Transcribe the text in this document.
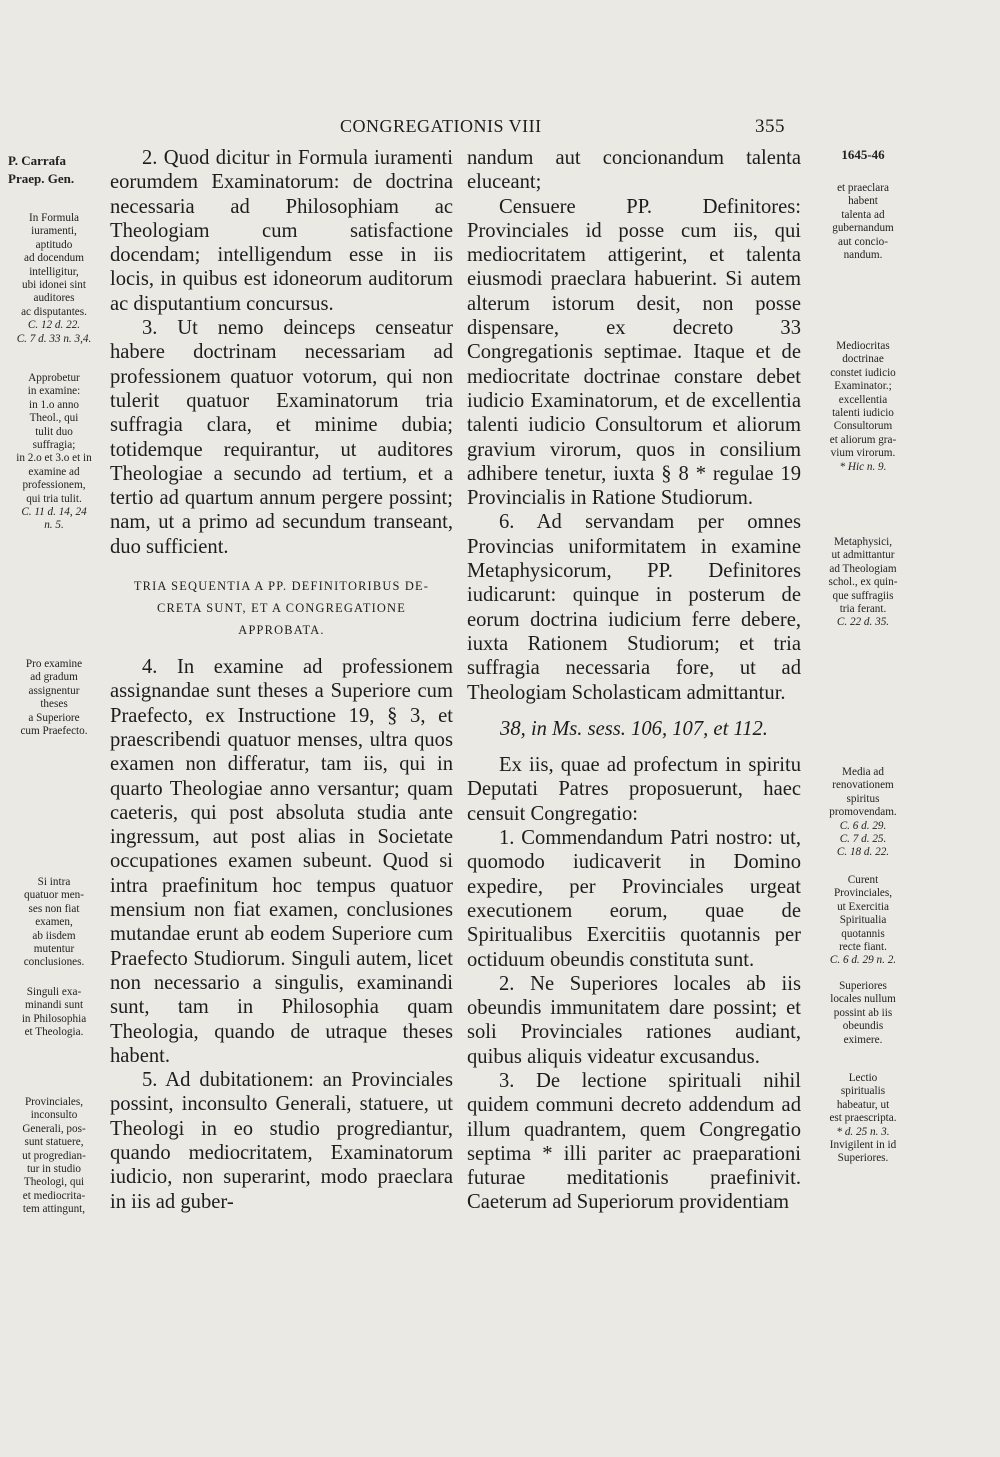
CONGREGATIONIS VIII	355
P. Carrafa
Praep. Gen.
In Formula
iuramenti,
aptitudo
ad docendum
intelligitur,
ubi idonei sint
auditores
ac disputantes.
C. 12 d. 22.
C. 7 d. 33 n. 3,4.
Approbetur
in examine:
in 1.o anno
Theol., qui
tulit duo
suffragia;
in 2.o et 3.o et in
examine ad
professionem,
qui tria tulit.
C. 11 d. 14, 24
n. 5.
Pro examine
ad gradum
assignentur
theses
a Superiore
cum Praefecto.
Si intra
quatuor men-
ses non fiat
examen,
ab iisdem
mutentur
conclusiones.
Singuli exa-
minandi sunt
in Philosophia
et Theologia.
Provinciales,
inconsulto
Generali, pos-
sunt statuere,
ut progredian-
tur in studio
Theologi, qui
et mediocrita-
tem attingunt,
1645-46
et praeclara
habent
talenta ad
gubernandum
aut concio-
nandum.
Mediocritas
doctrinae
constet iudicio
Examinator.;
excellentia
talenti iudicio
Consultorum
et aliorum gra-
vium virorum.
* Hic n. 9.
Metaphysici,
ut admittantur
ad Theologiam
schol., ex quin-
que suffragiis
tria ferant.
C. 22 d. 35.
Media ad
renovationem
spiritus
promovendam.
C. 6 d. 29.
C. 7 d. 25.
C. 18 d. 22.
Curent
Provinciales,
ut Exercitia
Spiritualia
quotannis
recte fiant.
C. 6 d. 29 n. 2.
Superiores
locales nullum
possint ab iis
obeundis
eximere.
Lectio
spiritualis
habeatur, ut
est praescripta.
* d. 25 n. 3.
Invigilent in id
Superiores.

2. Quod dicitur in Formula iuramenti eorumdem Examinatorum: de doctrina necessaria ad Philosophiam ac Theologiam cum satisfactione docendam; intelligendum esse in iis locis, in quibus est idoneorum auditorum ac disputantium concursus.

3. Ut nemo deinceps censeatur habere doctrinam necessariam ad professionem quatuor votorum, qui non tulerit quatuor Examinatorum tria suffragia clara, et minime dubia; totidemque requirantur, ut auditores Theologiae a secundo ad tertium, et a tertio ad quartum annum pergere possint; nam, ut a primo ad secundum transeant, duo sufficient.

TRIA SEQUENTIA A PP. DEFINITORIBUS DE-
CRETA SUNT, ET A CONGREGATIONE
APPROBATA.

4. In examine ad professionem assignandae sunt theses a Superiore cum Praefecto, ex Instructione 19, § 3, et praescribendi quatuor menses, ultra quos examen non differatur, tam iis, qui in quarto Theologiae anno versantur; quam caeteris, qui post absoluta studia ante ingressum, aut post alias in Societate occupationes examen subeunt. Quod si intra praefinitum hoc tempus quatuor mensium non fiat examen, conclusiones mutandae erunt ab eodem Superiore cum Praefecto Studiorum. Singuli autem, licet non necessario a singulis, examinandi sunt, tam in Philosophia quam Theologia, quando de utraque theses habent.

5. Ad dubitationem: an Provinciales possint, inconsulto Generali, statuere, ut Theologi in eo studio progrediantur, quando mediocritatem, Examinatorum iudicio, non superarint, modo praeclara in iis ad guber-

nandum aut concionandum talenta eluceant;

Censuere PP. Definitores: Provinciales id posse cum iis, qui mediocritatem attigerint, et talenta eiusmodi praeclara habuerint. Si autem alterum istorum desit, non posse dispensare, ex decreto 33 Congregationis septimae. Itaque et de mediocritate doctrinae constare debet iudicio Examinatorum, et de excellentia talenti iudicio Consultorum et aliorum gravium virorum, quos in consilium adhibere tenetur, iuxta § 8 * regulae 19 Provincialis in Ratione Studiorum.

6. Ad servandam per omnes Provincias uniformitatem in examine Metaphysicorum, PP. Definitores iudicarunt: quinque in posterum de eorum doctrina iudicium ferre debere, iuxta Rationem Studiorum; et tria suffragia necessaria fore, ut ad Theologiam Scholasticam admittantur.

38, in Ms. sess. 106, 107, et 112.

Ex iis, quae ad profectum in spiritu Deputati Patres proposuerunt, haec censuit Congregatio:

1. Commendandum Patri nostro: ut, quomodo iudicaverit in Domino expedire, per Provinciales urgeat executionem eorum, quae de Spiritualibus Exercitiis quotannis per octiduum obeundis constituta sunt.

2. Ne Superiores locales ab iis obeundis immunitatem dare possint; et soli Provinciales rationes audiant, quibus aliquis videatur excusandus.

3. De lectione spirituali nihil quidem communi decreto addendum ad illum quadrantem, quem Congregatio septima * illi pariter ac praeparationi futurae meditationis praefinivit. Caeterum ad Superiorum providentiam
